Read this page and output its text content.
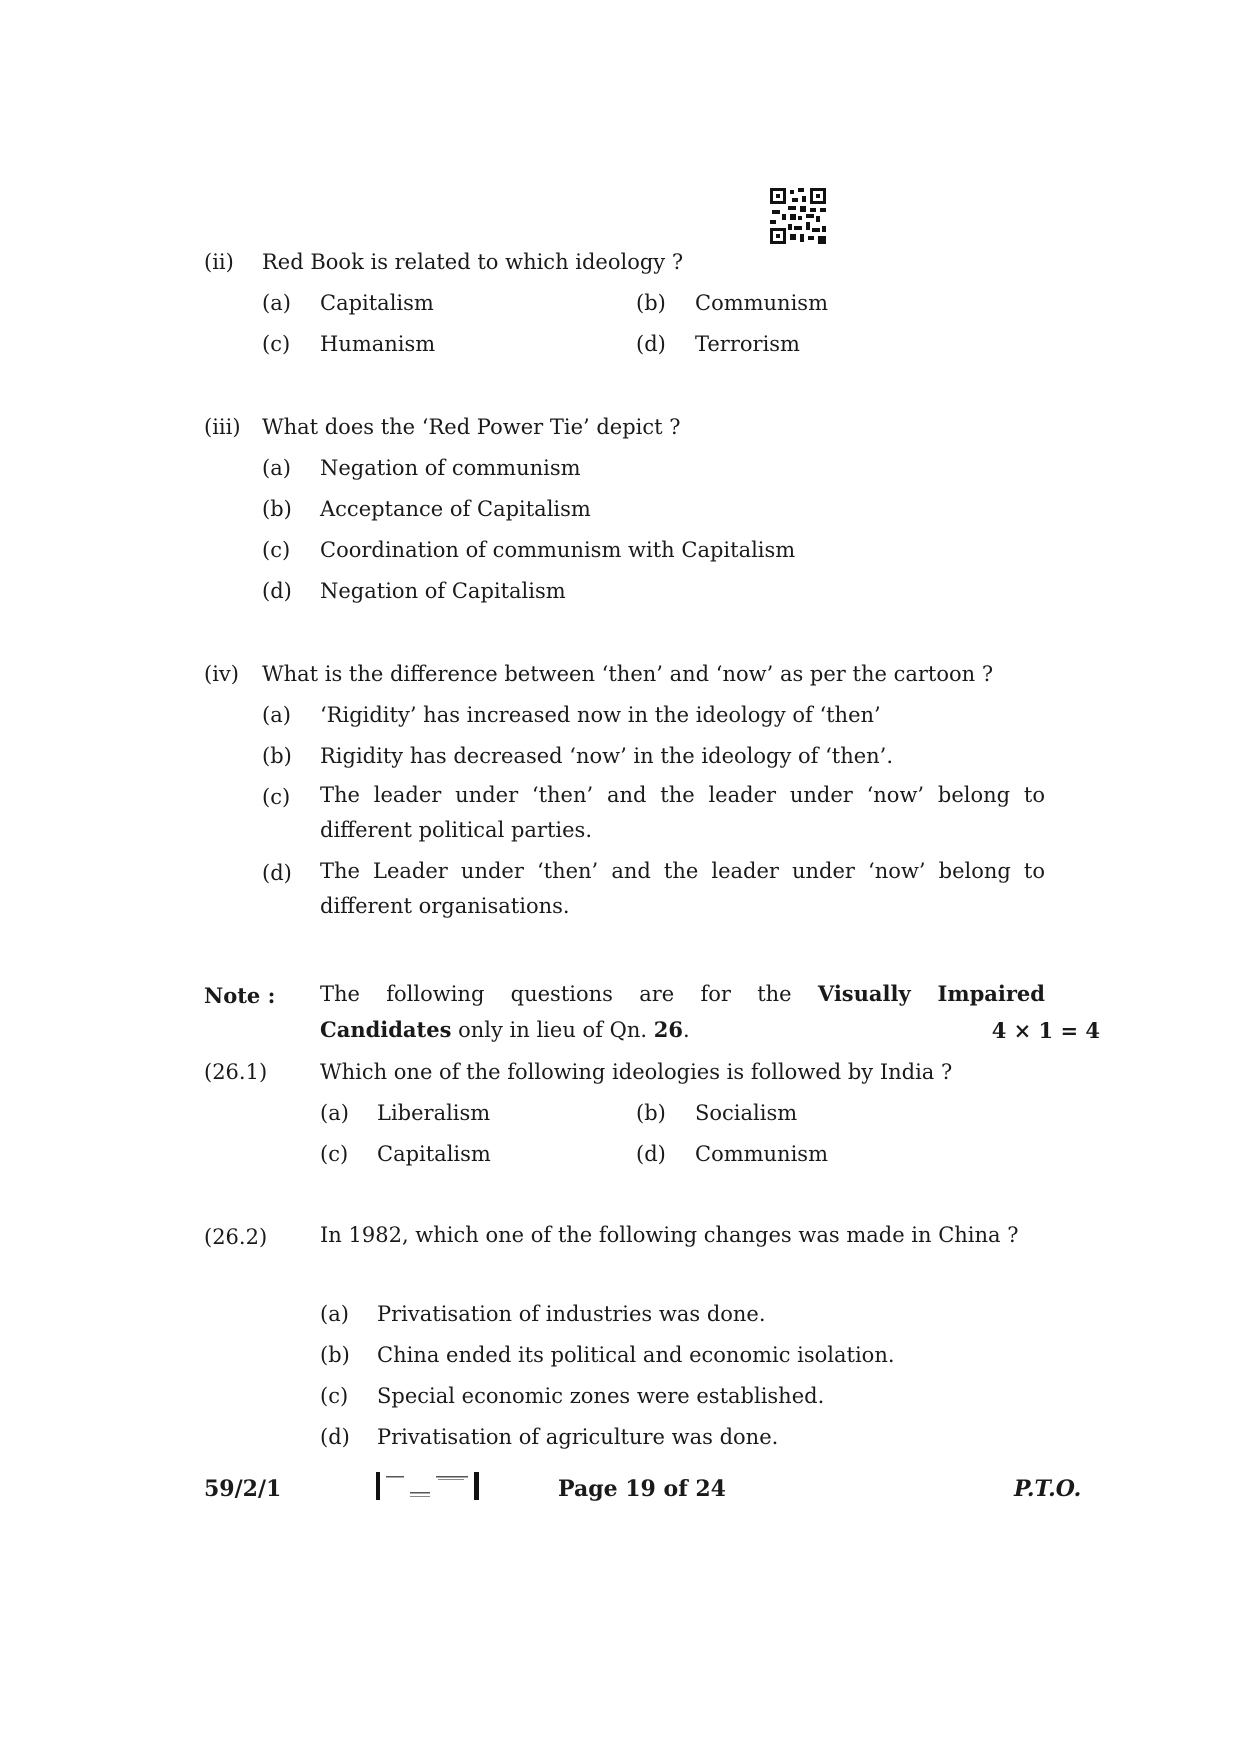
(ii) Red Book is related to which ideology ?
(a) Capitalism	(b) Communism
(c) Humanism	(d) Terrorism
(iii) What does the ‘Red Power Tie’ depict ?
(a) Negation of communism
(b) Acceptance of Capitalism
(c) Coordination of communism with Capitalism
(d) Negation of Capitalism
(iv) What is the difference between ‘then’ and ‘now’ as per the cartoon ?
(a) ‘Rigidity’ has increased now in the ideology of ‘then’
(b) Rigidity has decreased ‘now’ in the ideology of ‘then’.
(c) The leader under ‘then’ and the leader under ‘now’ belong to different political parties.
(d) The Leader under ‘then’ and the leader under ‘now’ belong to different organisations.
Note : The following questions are for the Visually Impaired Candidates only in lieu of Qn. 26.	4 × 1 = 4
(26.1)	Which one of the following ideologies is followed by India ?
(a) Liberalism	(b) Socialism
(c) Capitalism	(d) Communism
(26.2)	In 1982, which one of the following changes was made in China ?
(a) Privatisation of industries was done.
(b) China ended its political and economic isolation.
(c) Special economic zones were established.
(d) Privatisation of agriculture was done.
59/2/1	Page 19 of 24	P.T.O.
